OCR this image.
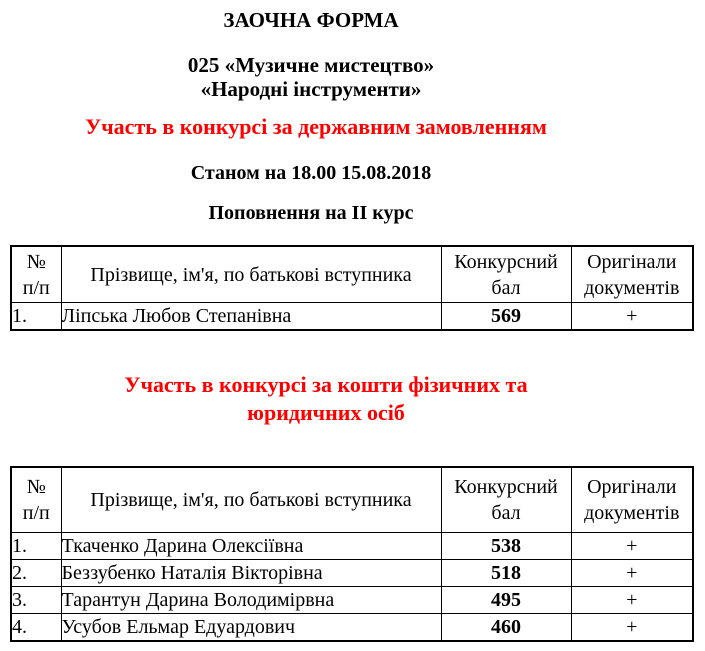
ЗАОЧНА ФОРМА
025 «Музичне мистецтво»
«Народні інструменти»
Участь в конкурсі за державним замовленням
Станом на 18.00 15.08.2018
Поповнення на ІІ курс
№
п/п	Прізвище, ім'я, по батькові вступника	Конкурсний бал	Оригінали документів
1.	Ліпська Любов Степанівна	569	+
Участь в конкурсі за кошти фізичних та
юридичних осіб
№
п/п	Прізвище, ім'я, по батькові вступника	Конкурсний бал	Оригінали документів
1.	Ткаченко Дарина Олексіївна	538	+
2.	Беззубенко Наталія Вікторівна	518	+
3.	Тарантун Дарина Володимірвна	495	+
4.	Усубов Ельмар Едуардович	460	+
